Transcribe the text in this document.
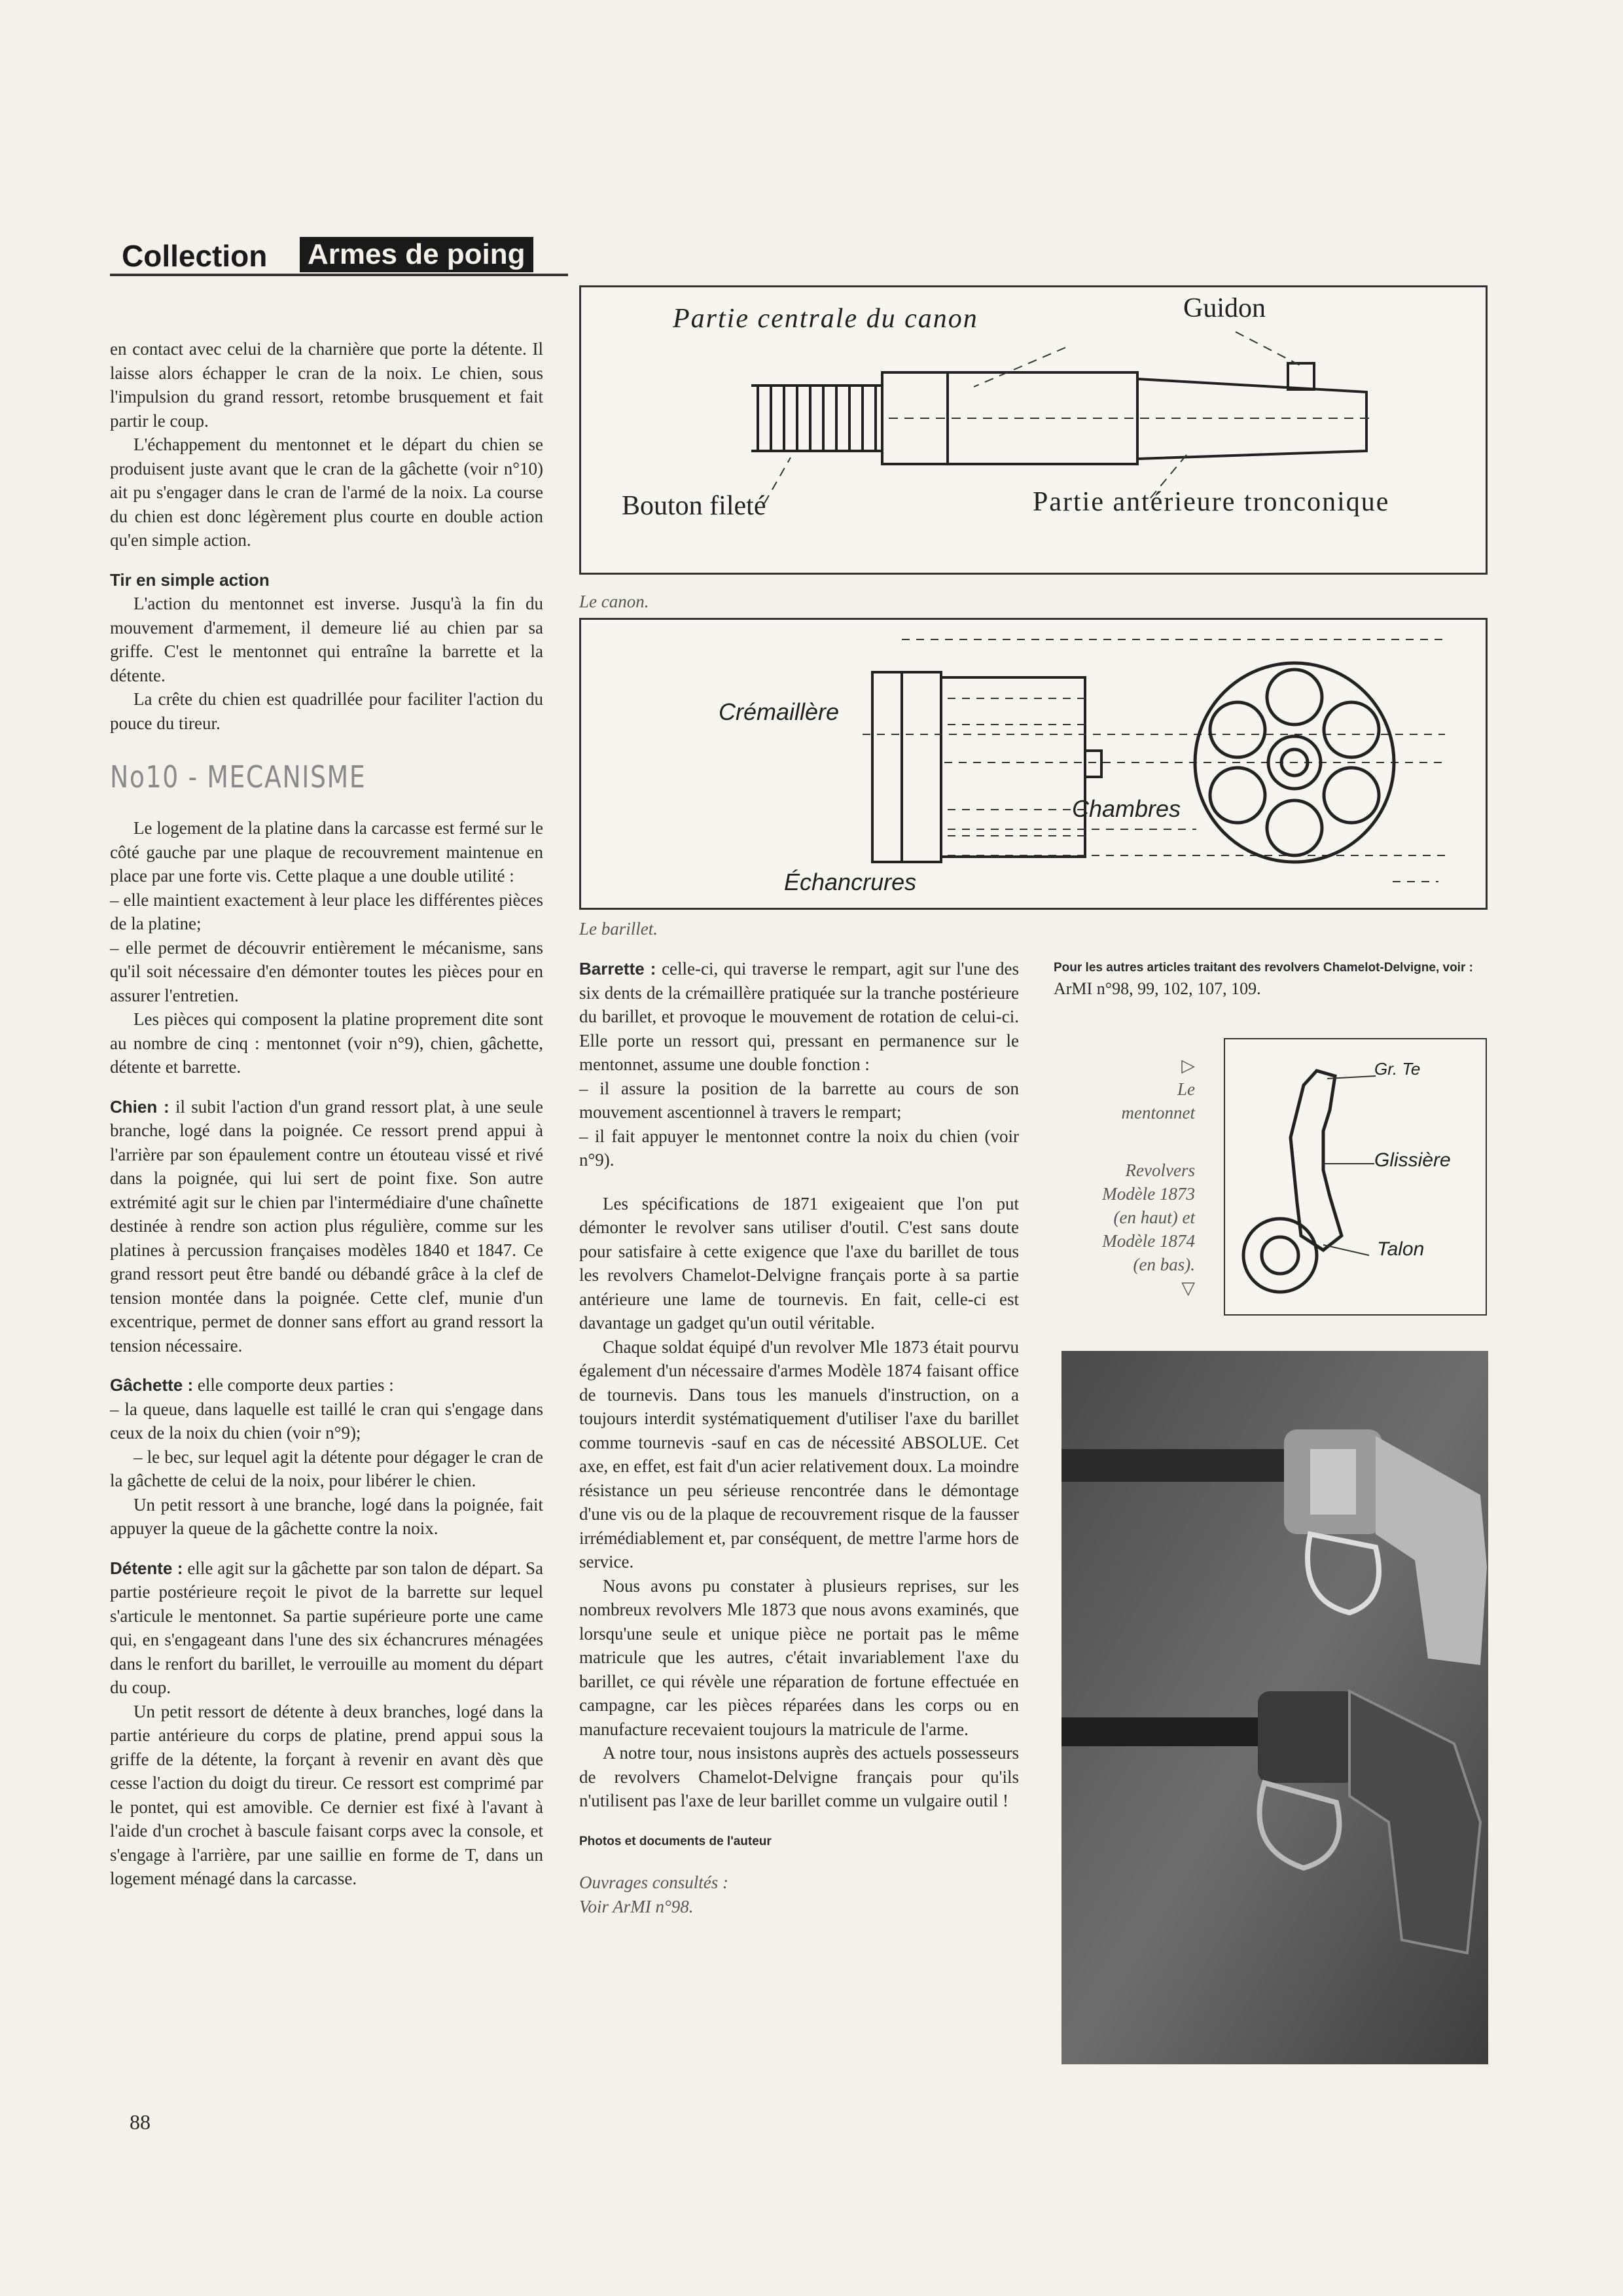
Collection Armes de poing

en contact avec celui de la charnière que porte la détente. Il laisse alors échapper le cran de la noix. Le chien, sous l'impulsion du grand ressort, retombe brusquement et fait partir le coup.

L'échappement du mentonnet et le départ du chien se produisent juste avant que le cran de la gâchette (voir n°10) ait pu s'engager dans le cran de l'armé de la noix. La course du chien est donc légèrement plus courte en double action qu'en simple action.

Tir en simple action

L'action du mentonnet est inverse. Jusqu'à la fin du mouvement d'armement, il demeure lié au chien par sa griffe. C'est le mentonnet qui entraîne la barrette et la détente.

La crête du chien est quadrillée pour faciliter l'action du pouce du tireur.

No10 - MECANISME

Le logement de la platine dans la carcasse est fermé sur le côté gauche par une plaque de recouvrement maintenue en place par une forte vis. Cette plaque a une double utilité :

– elle maintient exactement à leur place les différentes pièces de la platine;

– elle permet de découvrir entièrement le mécanisme, sans qu'il soit nécessaire d'en démonter toutes les pièces pour en assurer l'entretien.

Les pièces qui composent la platine proprement dite sont au nombre de cinq : mentonnet (voir n°9), chien, gâchette, détente et barrette.

Chien : il subit l'action d'un grand ressort plat, à une seule branche, logé dans la poignée. Ce ressort prend appui à l'arrière par son épaulement contre un étouteau vissé et rivé dans la poignée, qui lui sert de point fixe. Son autre extrémité agit sur le chien par l'intermédiaire d'une chaînette destinée à rendre son action plus régulière, comme sur les platines à percussion françaises modèles 1840 et 1847. Ce grand ressort peut être bandé ou débandé grâce à la clef de tension montée dans la poignée. Cette clef, munie d'un excentrique, permet de donner sans effort au grand ressort la tension nécessaire.

Gâchette : elle comporte deux parties :

– la queue, dans laquelle est taillé le cran qui s'engage dans ceux de la noix du chien (voir n°9);

– le bec, sur lequel agit la détente pour dégager le cran de la gâchette de celui de la noix, pour libérer le chien.

Un petit ressort à une branche, logé dans la poignée, fait appuyer la queue de la gâchette contre la noix.

Détente : elle agit sur la gâchette par son talon de départ. Sa partie postérieure reçoit le pivot de la barrette sur lequel s'articule le mentonnet. Sa partie supérieure porte une came qui, en s'engageant dans l'une des six échancrures ménagées dans le renfort du barillet, le verrouille au moment du départ du coup.

Un petit ressort de détente à deux branches, logé dans la partie antérieure du corps de platine, prend appui sous la griffe de la détente, la forçant à revenir en avant dès que cesse l'action du doigt du tireur. Ce ressort est comprimé par le pontet, qui est amovible. Ce dernier est fixé à l'avant à l'aide d'un crochet à bascule faisant corps avec la console, et s'engage à l'arrière, par une saillie en forme de T, dans un logement ménagé dans la carcasse.

Partie centrale du canon	Guidon
Bouton fileté	Partie antérieure tronconique
Le canon.
Crémaillère
Chambres
Échancrures
Le barillet.

Barrette : celle-ci, qui traverse le rempart, agit sur l'une des six dents de la crémaillère pratiquée sur la tranche postérieure du barillet, et provoque le mouvement de rotation de celui-ci. Elle porte un ressort qui, pressant en permanence sur le mentonnet, assume une double fonction :

– il assure la position de la barrette au cours de son mouvement ascentionnel à travers le rempart;

– il fait appuyer le mentonnet contre la noix du chien (voir n°9).

Les spécifications de 1871 exigeaient que l'on put démonter le revolver sans utiliser d'outil. C'est sans doute pour satisfaire à cette exigence que l'axe du barillet de tous les revolvers Chamelot-Delvigne français porte à sa partie antérieure une lame de tournevis. En fait, celle-ci est davantage un gadget qu'un outil véritable.

Chaque soldat équipé d'un revolver Mle 1873 était pourvu également d'un nécessaire d'armes Modèle 1874 faisant office de tournevis. Dans tous les manuels d'instruction, on a toujours interdit systématiquement d'utiliser l'axe du barillet comme tournevis -sauf en cas de nécessité ABSOLUE. Cet axe, en effet, est fait d'un acier relativement doux. La moindre résistance un peu sérieuse rencontrée dans le démontage d'une vis ou de la plaque de recouvrement risque de la fausser irrémédiablement et, par conséquent, de mettre l'arme hors de service.

Nous avons pu constater à plusieurs reprises, sur les nombreux revolvers Mle 1873 que nous avons examinés, que lorsqu'une seule et unique pièce ne portait pas le même matricule que les autres, c'était invariablement l'axe du barillet, ce qui révèle une réparation de fortune effectuée en campagne, car les pièces réparées dans les corps ou en manufacture recevaient toujours la matricule de l'arme.

A notre tour, nous insistons auprès des actuels possesseurs de revolvers Chamelot-Delvigne français pour qu'ils n'utilisent pas l'axe de leur barillet comme un vulgaire outil !

Photos et documents de l'auteur

Ouvrages consultés :

Voir ArMI n°98.

Pour les autres articles traitant des revolvers Chamelot-Delvigne, voir :
ArMI n°98, 99, 102, 107, 109.
▷
Le
mentonnet
Revolvers
Modèle 1873
(en haut) et
Modèle 1874
(en bas).
▽
Gr. Te
Glissière
Talon
88
